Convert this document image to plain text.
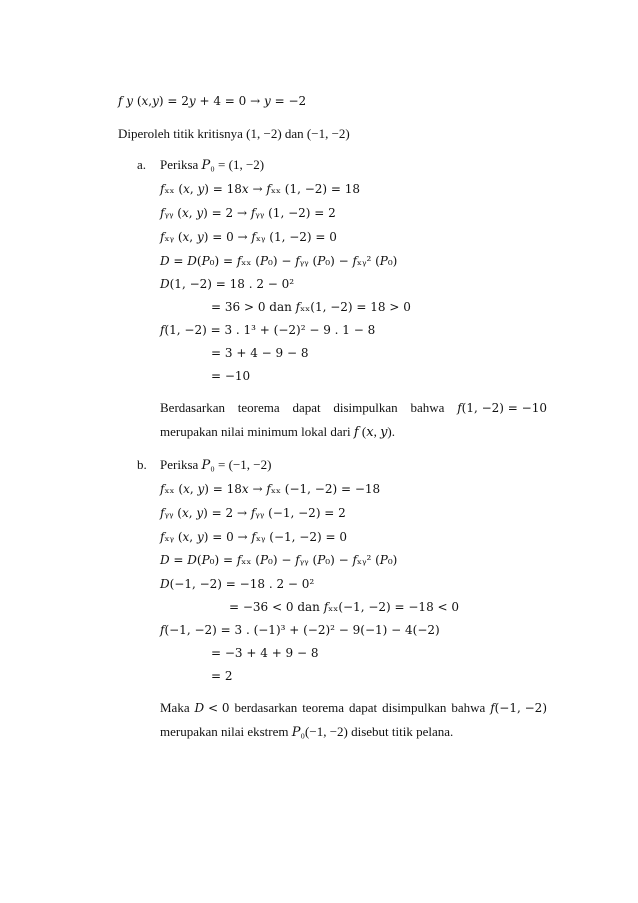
𝑓 𝑦 (𝑥,𝑦) = 2𝑦 + 4 = 0 → 𝑦 = −2
Diperoleh titik kritisnya (1, −2) dan (−1, −2)
a. Periksa 𝑃₀ = (1, −2)
𝑓ₓₓ (𝑥, 𝑦) = 18𝑥 → 𝑓ₓₓ (1, −2) = 18
𝑓ᵧᵧ (𝑥, 𝑦) = 2 → 𝑓ᵧᵧ (1, −2) = 2
𝑓ₓᵧ (𝑥, 𝑦) = 0 → 𝑓ₓᵧ (1, −2) = 0
𝐷 = 𝐷(𝑃₀) = 𝑓ₓₓ (𝑃₀) − 𝑓ᵧᵧ (𝑃₀) − 𝑓ₓᵧ² (𝑃₀)
𝐷(1, −2) = 18 . 2 − 0²
= 36 > 0 dan 𝑓ₓₓ(1, −2) = 18 > 0
𝑓(1, −2) = 3 . 1³ + (−2)² − 9 . 1 − 8
= 3 + 4 − 9 − 8
= −10
Berdasarkan teorema dapat disimpulkan bahwa 𝑓(1, −2) = −10
merupakan nilai minimum lokal dari 𝑓 (𝑥, 𝑦).
b. Periksa 𝑃₀ = (−1, −2)
𝑓ₓₓ (𝑥, 𝑦) = 18𝑥 → 𝑓ₓₓ (−1, −2) = −18
𝑓ᵧᵧ (𝑥, 𝑦) = 2 → 𝑓ᵧᵧ (−1, −2) = 2
𝑓ₓᵧ (𝑥, 𝑦) = 0 → 𝑓ₓᵧ (−1, −2) = 0
𝐷 = 𝐷(𝑃₀) = 𝑓ₓₓ (𝑃₀) − 𝑓ᵧᵧ (𝑃₀) − 𝑓ₓᵧ² (𝑃₀)
𝐷(−1, −2) = −18 . 2 − 0²
= −36 < 0 dan 𝑓ₓₓ(−1, −2) = −18 < 0
𝑓(−1, −2) = 3 . (−1)³ + (−2)² − 9(−1) − 4(−2)
= −3 + 4 + 9 − 8
= 2
Maka 𝐷 < 0 berdasarkan teorema dapat disimpulkan bahwa 𝑓(−1, −2)
merupakan nilai ekstrem 𝑃₀(−1, −2) disebut titik pelana.
